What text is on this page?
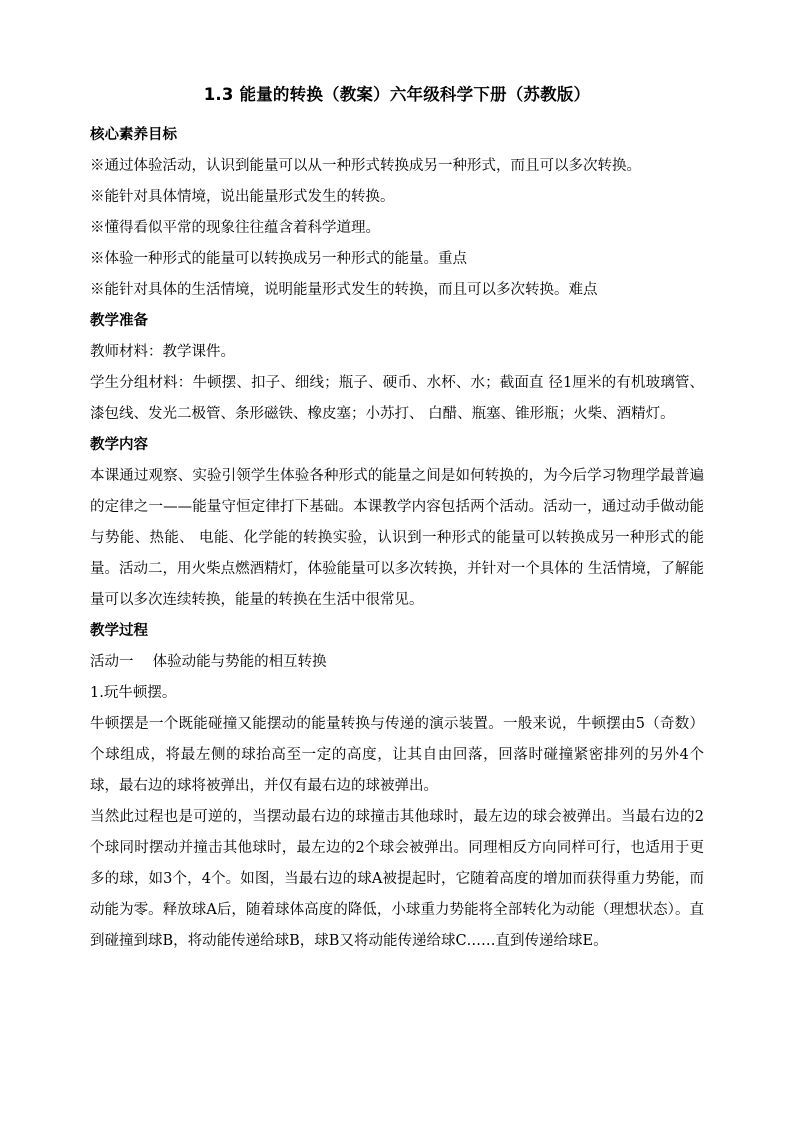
1.3 能量的转换（教案）六年级科学下册（苏教版）
核心素养目标
※通过体验活动，认识到能量可以从一种形式转换成另一种形式，而且可以多次转换。
※能针对具体情境，说出能量形式发生的转换。
※懂得看似平常的现象往往蕴含着科学道理。
※体验一种形式的能量可以转换成另一种形式的能量。重点
※能针对具体的生活情境，说明能量形式发生的转换，而且可以多次转换。难点
教学准备
教师材料：教学课件。
学生分组材料：牛顿摆、扣子、细线；瓶子、硬币、水杯、水；截面直 径1厘米的有机玻璃管、漆包线、发光二极管、条形磁铁、橡皮塞；小苏打、 白醋、瓶塞、锥形瓶；火柴、酒精灯。
教学内容
本课通过观察、实验引领学生体验各种形式的能量之间是如何转换的，为今后学习物理学最普遍的定律之一——能量守恒定律打下基础。本课教学内容包括两个活动。活动一，通过动手做动能与势能、热能、 电能、化学能的转换实验，认识到一种形式的能量可以转换成另一种形式的能 量。活动二，用火柴点燃酒精灯，体验能量可以多次转换，并针对一个具体的 生活情境，了解能量可以多次连续转换，能量的转换在生活中很常见。
教学过程
活动一　 体验动能与势能的相互转换
1.玩牛顿摆。
牛顿摆是一个既能碰撞又能摆动的能量转换与传递的演示装置。一般来说，牛顿摆由5（奇数）个球组成，将最左侧的球抬高至一定的高度，让其自由回落，回落时碰撞紧密排列的另外4个球，最右边的球将被弹出，并仅有最右边的球被弹出。
当然此过程也是可逆的，当摆动最右边的球撞击其他球时，最左边的球会被弹出。当最右边的2个球同时摆动并撞击其他球时，最左边的2个球会被弹出。同理相反方向同样可行，也适用于更多的球，如3个，4个。如图，当最右边的球A被提起时，它随着高度的增加而获得重力势能，而动能为零。释放球A后，随着球体高度的降低，小球重力势能将全部转化为动能（理想状态）。直到碰撞到球B，将动能传递给球B，球B又将动能传递给球C……直到传递给球E。
